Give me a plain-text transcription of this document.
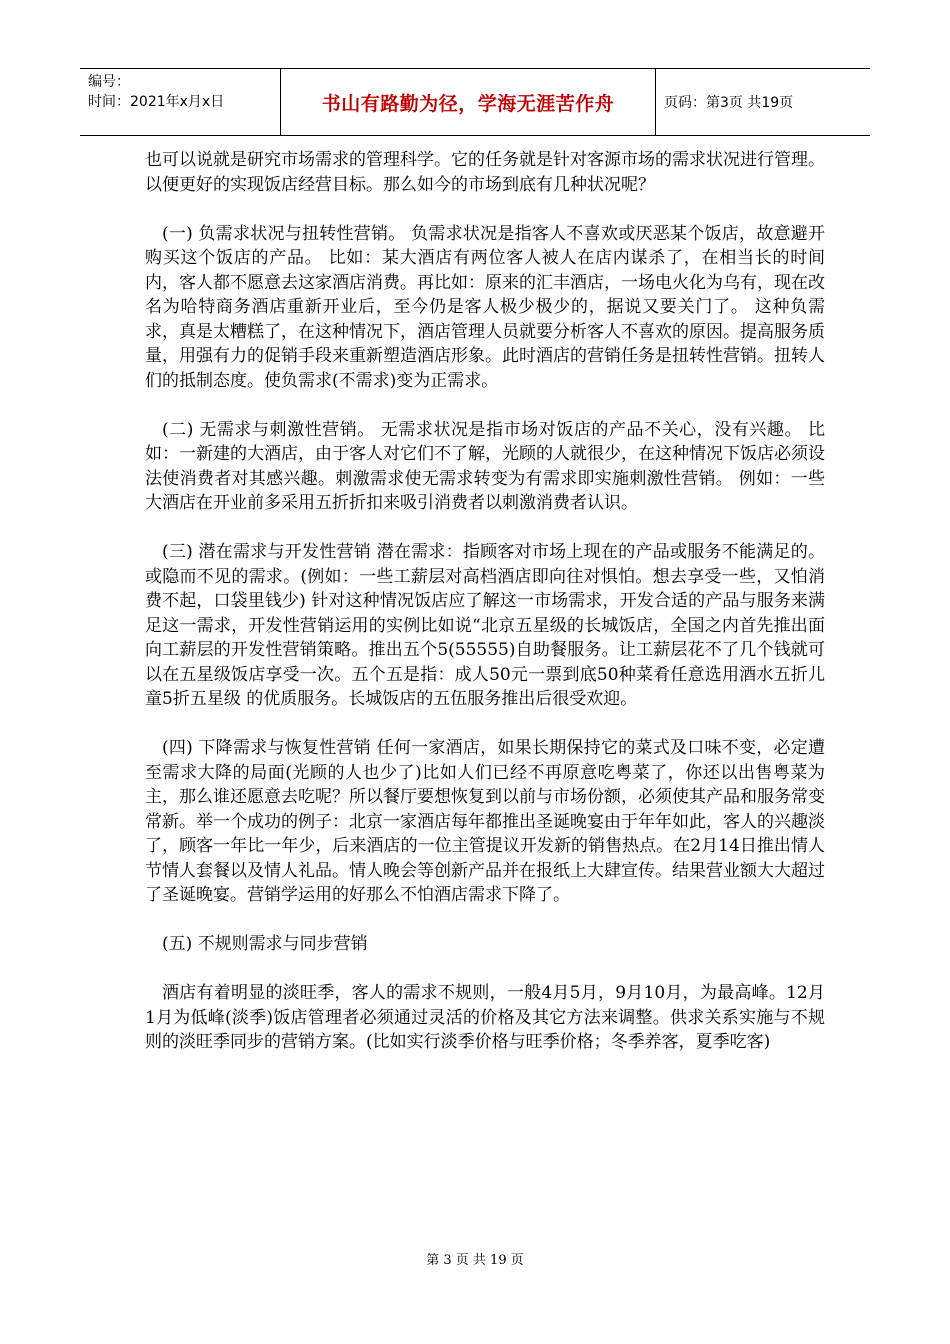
编号：
时间：2021年x月x日	书山有路勤为径，学海无涯苦作舟	页码：第3页 共19页

也可以说就是研究市场需求的管理科学。它的任务就是针对客源市场的需求状况进行管理。以便更好的实现饭店经营目标。那么如今的市场到底有几种状况呢？

(一) 负需求状况与扭转性营销。 负需求状况是指客人不喜欢或厌恶某个饭店，故意避开购买这个饭店的产品。 比如：某大酒店有两位客人被人在店内谋杀了，在相当长的时间内，客人都不愿意去这家酒店消费。再比如：原来的汇丰酒店，一场电火化为乌有，现在改名为哈特商务酒店重新开业后，至今仍是客人极少极少的，据说又要关门了。 这种负需求，真是太糟糕了，在这种情况下，酒店管理人员就要分析客人不喜欢的原因。提高服务质量，用强有力的促销手段来重新塑造酒店形象。此时酒店的营销任务是扭转性营销。扭转人们的抵制态度。使负需求(不需求)变为正需求。

(二) 无需求与刺激性营销。 无需求状况是指市场对饭店的产品不关心，没有兴趣。 比如：一新建的大酒店，由于客人对它们不了解，光顾的人就很少，在这种情况下饭店必须设法使消费者对其感兴趣。刺激需求使无需求转变为有需求即实施刺激性营销。 例如：一些大酒店在开业前多采用五折折扣来吸引消费者以刺激消费者认识。

(三) 潜在需求与开发性营销 潜在需求：指顾客对市场上现在的产品或服务不能满足的。或隐而不见的需求。(例如：一些工薪层对高档酒店即向往对惧怕。想去享受一些，又怕消费不起，口袋里钱少) 针对这种情况饭店应了解这一市场需求，开发合适的产品与服务来满足这一需求，开发性营销运用的实例比如说“北京五星级的长城饭店，全国之内首先推出面向工薪层的开发性营销策略。推出五个5(55555)自助餐服务。让工薪层花不了几个钱就可以在五星级饭店享受一次。五个五是指：成人50元一票到底50种菜肴任意选用酒水五折儿童5折五星级 的优质服务。长城饭店的五伍服务推出后很受欢迎。

(四) 下降需求与恢复性营销 任何一家酒店，如果长期保持它的菜式及口味不变，必定遭至需求大降的局面(光顾的人也少了)比如人们已经不再原意吃粤菜了，你还以出售粤菜为主，那么谁还愿意去吃呢？所以餐厅要想恢复到以前与市场份额，必须使其产品和服务常变常新。举一个成功的例子：北京一家酒店每年都推出圣诞晚宴由于年年如此，客人的兴趣淡了，顾客一年比一年少，后来酒店的一位主管提议开发新的销售热点。在2月14日推出情人节情人套餐以及情人礼品。情人晚会等创新产品并在报纸上大肆宣传。结果营业额大大超过了圣诞晚宴。营销学运用的好那么不怕酒店需求下降了。

(五) 不规则需求与同步营销

酒店有着明显的淡旺季，客人的需求不规则，一般4月5月，9月10月，为最高峰。12月1月为低峰(淡季)饭店管理者必须通过灵活的价格及其它方法来调整。供求关系实施与不规则的淡旺季同步的营销方案。(比如实行淡季价格与旺季价格；冬季养客，夏季吃客)

第 3 页 共 19 页
